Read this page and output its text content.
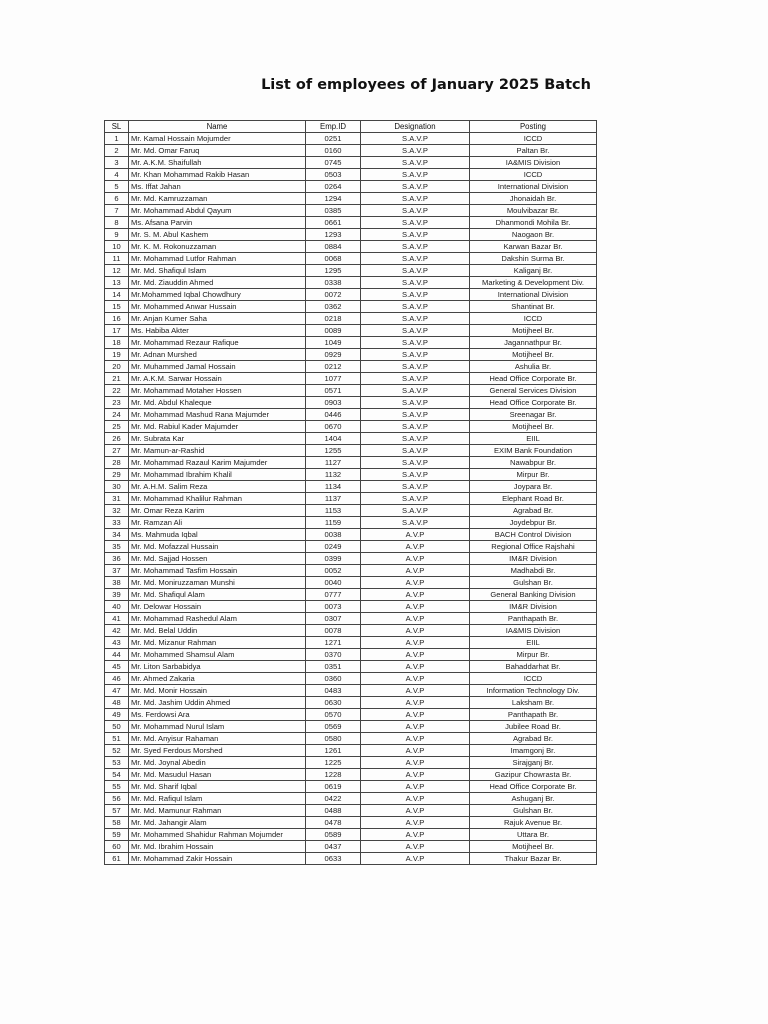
List of employees of January 2025 Batch
SL	Name	Emp.ID	Designation	Posting
1	Mr. Kamal Hossain Mojumder	0251	S.A.V.P	ICCD
2	Mr. Md. Omar Faruq	0160	S.A.V.P	Paltan Br.
3	Mr. A.K.M. Shaifullah	0745	S.A.V.P	IA&MIS Division
4	Mr. Khan Mohammad Rakib Hasan	0503	S.A.V.P	ICCD
5	Ms. Iffat Jahan	0264	S.A.V.P	International Division
6	Mr. Md. Kamruzzaman	1294	S.A.V.P	Jhonaidah Br.
7	Mr. Mohammad Abdul Qayum	0385	S.A.V.P	Moulvibazar Br.
8	Ms. Afsana Parvin	0661	S.A.V.P	Dhanmondi Mohila Br.
9	Mr. S. M. Abul Kashem	1293	S.A.V.P	Naogaon Br.
10	Mr. K. M. Rokonuzzaman	0884	S.A.V.P	Karwan Bazar Br.
11	Mr. Mohammad Lutfor Rahman	0068	S.A.V.P	Dakshin Surma Br.
12	Mr. Md. Shafiqul Islam	1295	S.A.V.P	Kaliganj Br.
13	Mr. Md. Ziauddin Ahmed	0338	S.A.V.P	Marketing & Development Div.
14	Mr.Mohammed Iqbal Chowdhury	0072	S.A.V.P	International Division
15	Mr. Mohammed Anwar Hussain	0362	S.A.V.P	Shantinat Br.
16	Mr. Anjan Kumer Saha	0218	S.A.V.P	ICCD
17	Ms. Habiba Akter	0089	S.A.V.P	Motijheel Br.
18	Mr. Mohammad Rezaur Rafique	1049	S.A.V.P	Jagannathpur Br.
19	Mr. Adnan Murshed	0929	S.A.V.P	Motijheel Br.
20	Mr. Muhammed Jamal Hossain	0212	S.A.V.P	Ashulia Br.
21	Mr. A.K.M. Sarwar Hossain	1077	S.A.V.P	Head Office Corporate Br.
22	Mr. Mohammad Motaher Hossen	0571	S.A.V.P	General Services Division
23	Mr. Md. Abdul Khaleque	0903	S.A.V.P	Head Office Corporate Br.
24	Mr. Mohammad Mashud Rana Majumder	0446	S.A.V.P	Sreenagar Br.
25	Mr. Md. Rabiul Kader Majumder	0670	S.A.V.P	Motijheel Br.
26	Mr. Subrata Kar	1404	S.A.V.P	EIIL
27	Mr. Mamun-ar-Rashid	1255	S.A.V.P	EXIM Bank Foundation
28	Mr. Mohammad Razaul Karim Majumder	1127	S.A.V.P	Nawabpur Br.
29	Mr. Mohammad Ibrahim Khalil	1132	S.A.V.P	Mirpur Br.
30	Mr. A.H.M. Salim Reza	1134	S.A.V.P	Joypara Br.
31	Mr. Mohammad Khalilur Rahman	1137	S.A.V.P	Elephant Road Br.
32	Mr. Omar Reza Karim	1153	S.A.V.P	Agrabad Br.
33	Mr. Ramzan Ali	1159	S.A.V.P	Joydebpur Br.
34	Ms. Mahmuda Iqbal	0038	A.V.P	BACH Control Division
35	Mr. Md. Mofazzal Hussain	0249	A.V.P	Regional Office Rajshahi
36	Mr. Md. Sajjad Hossen	0399	A.V.P	IM&R Division
37	Mr. Mohammad Tasfim Hossain	0052	A.V.P	Madhabdi Br.
38	Mr. Md. Moniruzzaman Munshi	0040	A.V.P	Gulshan Br.
39	Mr. Md. Shafiqul Alam	0777	A.V.P	General Banking Division
40	Mr. Delowar Hossain	0073	A.V.P	IM&R Division
41	Mr. Mohammad Rashedul Alam	0307	A.V.P	Panthapath Br.
42	Mr. Md. Belal Uddin	0078	A.V.P	IA&MIS Division
43	Mr. Md. Mizanur Rahman	1271	A.V.P	EIIL
44	Mr. Mohammed Shamsul Alam	0370	A.V.P	Mirpur Br.
45	Mr. Liton Sarbabidya	0351	A.V.P	Bahaddarhat Br.
46	Mr. Ahmed Zakaria	0360	A.V.P	ICCD
47	Mr. Md. Monir Hossain	0483	A.V.P	Information Technology Div.
48	Mr. Md. Jashim Uddin Ahmed	0630	A.V.P	Laksham Br.
49	Ms. Ferdowsi Ara	0570	A.V.P	Panthapath Br.
50	Mr. Mohammad Nurul Islam	0569	A.V.P	Jubilee Road Br.
51	Mr. Md. Anyisur Rahaman	0580	A.V.P	Agrabad Br.
52	Mr. Syed Ferdous Morshed	1261	A.V.P	Imamgonj Br.
53	Mr. Md. Joynal Abedin	1225	A.V.P	Sirajganj Br.
54	Mr. Md. Masudul Hasan	1228	A.V.P	Gazipur Chowrasta Br.
55	Mr. Md. Sharif Iqbal	0619	A.V.P	Head Office Corporate Br.
56	Mr. Md. Rafiqul Islam	0422	A.V.P	Ashuganj Br.
57	Mr. Md. Mamunur Rahman	0488	A.V.P	Gulshan Br.
58	Mr. Md. Jahangir Alam	0478	A.V.P	Rajuk Avenue Br.
59	Mr. Mohammed Shahidur Rahman Mojumder	0589	A.V.P	Uttara Br.
60	Mr. Md. Ibrahim Hossain	0437	A.V.P	Motijheel Br.
61	Mr. Mohammad Zakir Hossain	0633	A.V.P	Thakur Bazar Br.
